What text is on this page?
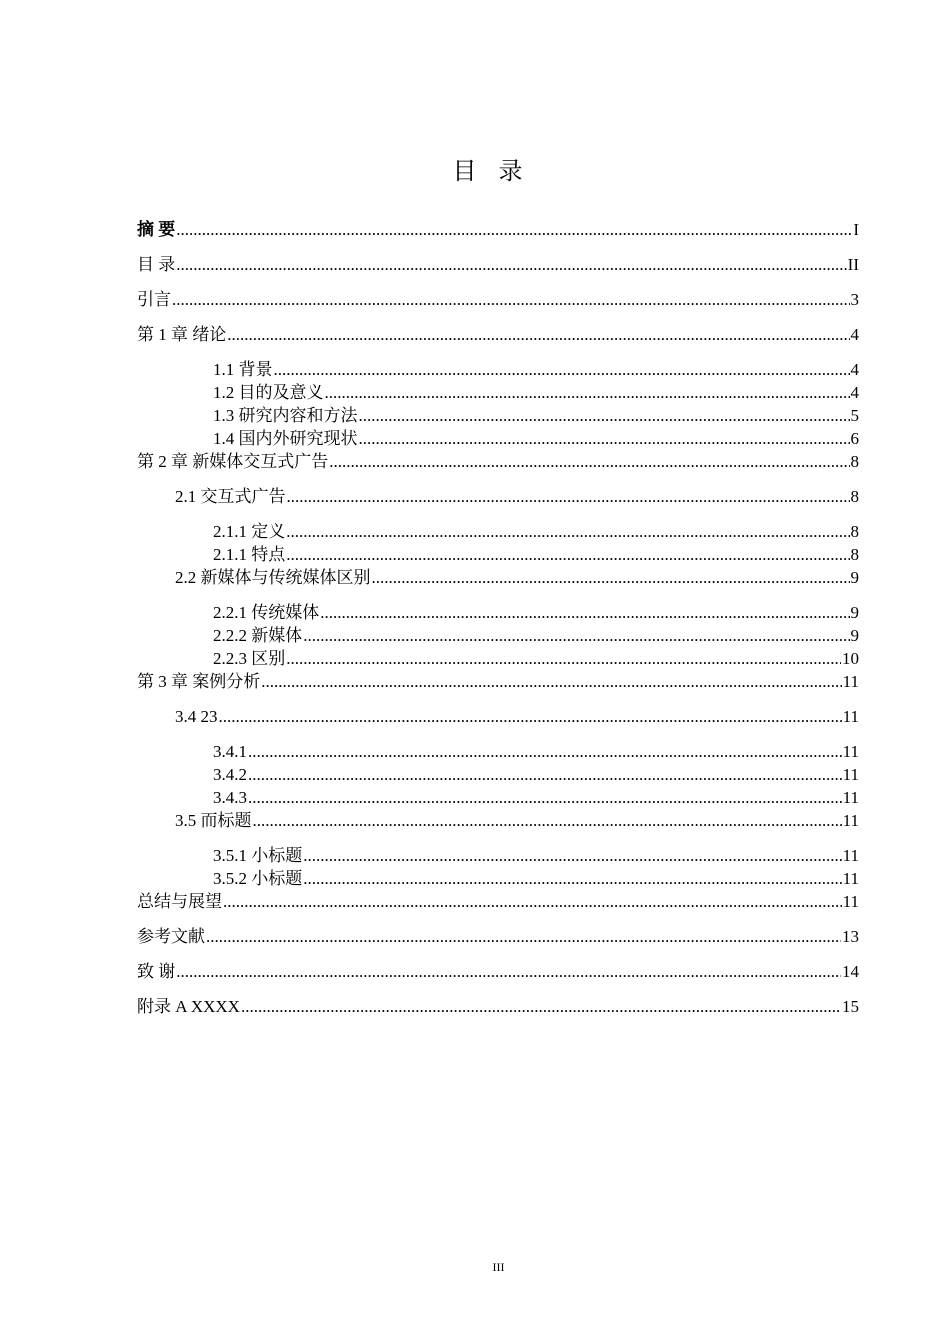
目录
摘 要 .....	I
目 录 .....	II
引言 .....	3
第 1 章 绪论 .....	4
1.1 背景 .....	4
1.2 目的及意义 .....	4
1.3 研究内容和方法 .....	5
1.4 国内外研究现状 .....	6
第 2 章 新媒体交互式广告 .....	8
2.1 交互式广告 .....	8
2.1.1 定义 .....	8
2.1.1 特点 .....	8
2.2 新媒体与传统媒体区别 .....	9
2.2.1 传统媒体 .....	9
2.2.2 新媒体 .....	9
2.2.3 区别 .....	10
第 3 章 案例分析 .....	11
3.4 23 .....	11
3.4.1 .....	11
3.4.2 .....	11
3.4.3 .....	11
3.5 而标题 .....	11
3.5.1 小标题 .....	11
3.5.2 小标题 .....	11
总结与展望 .....	11
参考文献 .....	13
致 谢 .....	14
附录 A XXXX .....	15
III
